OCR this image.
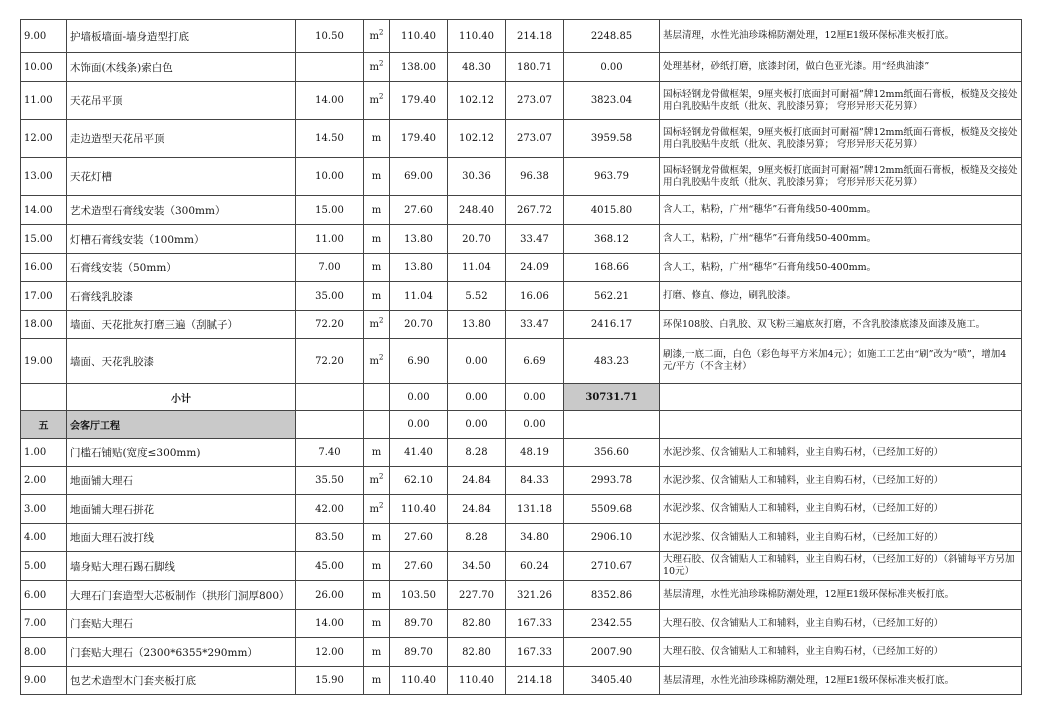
9.00	护墙板墙面-墙身造型打底	10.50	$m^2$	110.40	110.40	214.18	2248.85	基层清理，水性光油珍珠棉防潮处理，12厘E1级环保标准夹板打底。
10.00	木饰面(木线条)索白色		$m^2$	138.00	48.30	180.71	0.00	处理基材，砂纸打磨，底漆封闭，做白色亚光漆。用“经典油漆”
11.00	天花吊平顶	14.00	$m^2$	179.40	102.12	273.07	3823.04	国标轻钢龙骨做框架，9厘夹板打底面封可耐福”牌12mm纸面石膏板，板缝及交接处用白乳胶贴牛皮纸（批灰、乳胶漆另算； 穹形异形天花另算）
12.00	走边造型天花吊平顶	14.50	m	179.40	102.12	273.07	3959.58	国标轻钢龙骨做框架，9厘夹板打底面封可耐福”牌12mm纸面石膏板，板缝及交接处用白乳胶贴牛皮纸（批灰、乳胶漆另算； 穹形异形天花另算）
13.00	天花灯槽	10.00	m	69.00	30.36	96.38	963.79	国标轻钢龙骨做框架，9厘夹板打底面封可耐福”牌12mm纸面石膏板，板缝及交接处用白乳胶贴牛皮纸（批灰、乳胶漆另算； 穹形异形天花另算）
14.00	艺术造型石膏线安装（300mm）	15.00	m	27.60	248.40	267.72	4015.80	含人工，粘粉，广州“穗华”石膏角线50-400mm。
15.00	灯槽石膏线安装（100mm）	11.00	m	13.80	20.70	33.47	368.12	含人工，粘粉，广州“穗华”石膏角线50-400mm。
16.00	石膏线安装（50mm）	7.00	m	13.80	11.04	24.09	168.66	含人工，粘粉，广州“穗华”石膏角线50-400mm。
17.00	石膏线乳胶漆	35.00	m	11.04	5.52	16.06	562.21	打磨、修直、修边，刷乳胶漆。
18.00	墙面、天花批灰打磨三遍（刮腻子）	72.20	$m^2$	20.70	13.80	33.47	2416.17	环保108胶、白乳胶、双飞粉三遍底灰打磨，不含乳胶漆底漆及面漆及施工。
19.00	墙面、天花乳胶漆	72.20	$m^2$	6.90	0.00	6.69	483.23	刷漆,一底二面，白色（彩色每平方米加4元）；如施工工艺由“刷”改为“喷”，增加4元/平方（不含主材）
	小计			0.00	0.00	0.00	30731.71	
五	会客厅工程			0.00	0.00	0.00		
1.00	门槛石铺贴(宽度≤300mm)	7.40	m	41.40	8.28	48.19	356.60	水泥沙浆、仅含铺贴人工和辅料，业主自购石材，（已经加工好的）
2.00	地面铺大理石	35.50	$m^2$	62.10	24.84	84.33	2993.78	水泥沙浆、仅含铺贴人工和辅料，业主自购石材，（已经加工好的）
3.00	地面铺大理石拼花	42.00	$m^2$	110.40	24.84	131.18	5509.68	水泥沙浆、仅含铺贴人工和辅料，业主自购石材，（已经加工好的）
4.00	地面大理石波打线	83.50	m	27.60	8.28	34.80	2906.10	水泥沙浆、仅含铺贴人工和辅料，业主自购石材，（已经加工好的）
5.00	墙身贴大理石踢石脚线	45.00	m	27.60	34.50	60.24	2710.67	大理石胶、仅含铺贴人工和辅料，业主自购石材，（已经加工好的）（斜铺每平方另加10元）
6.00	大理石门套造型大芯板制作（拱形门洞厚800）	26.00	m	103.50	227.70	321.26	8352.86	基层清理，水性光油珍珠棉防潮处理，12厘E1级环保标准夹板打底。
7.00	门套贴大理石	14.00	m	89.70	82.80	167.33	2342.55	大理石胶、仅含铺贴人工和辅料，业主自购石材，（已经加工好的）
8.00	门套贴大理石（2300*6355*290mm）	12.00	m	89.70	82.80	167.33	2007.90	大理石胶、仅含铺贴人工和辅料，业主自购石材，（已经加工好的）
9.00	包艺术造型木门套夹板打底	15.90	m	110.40	110.40	214.18	3405.40	基层清理，水性光油珍珠棉防潮处理，12厘E1级环保标准夹板打底。
